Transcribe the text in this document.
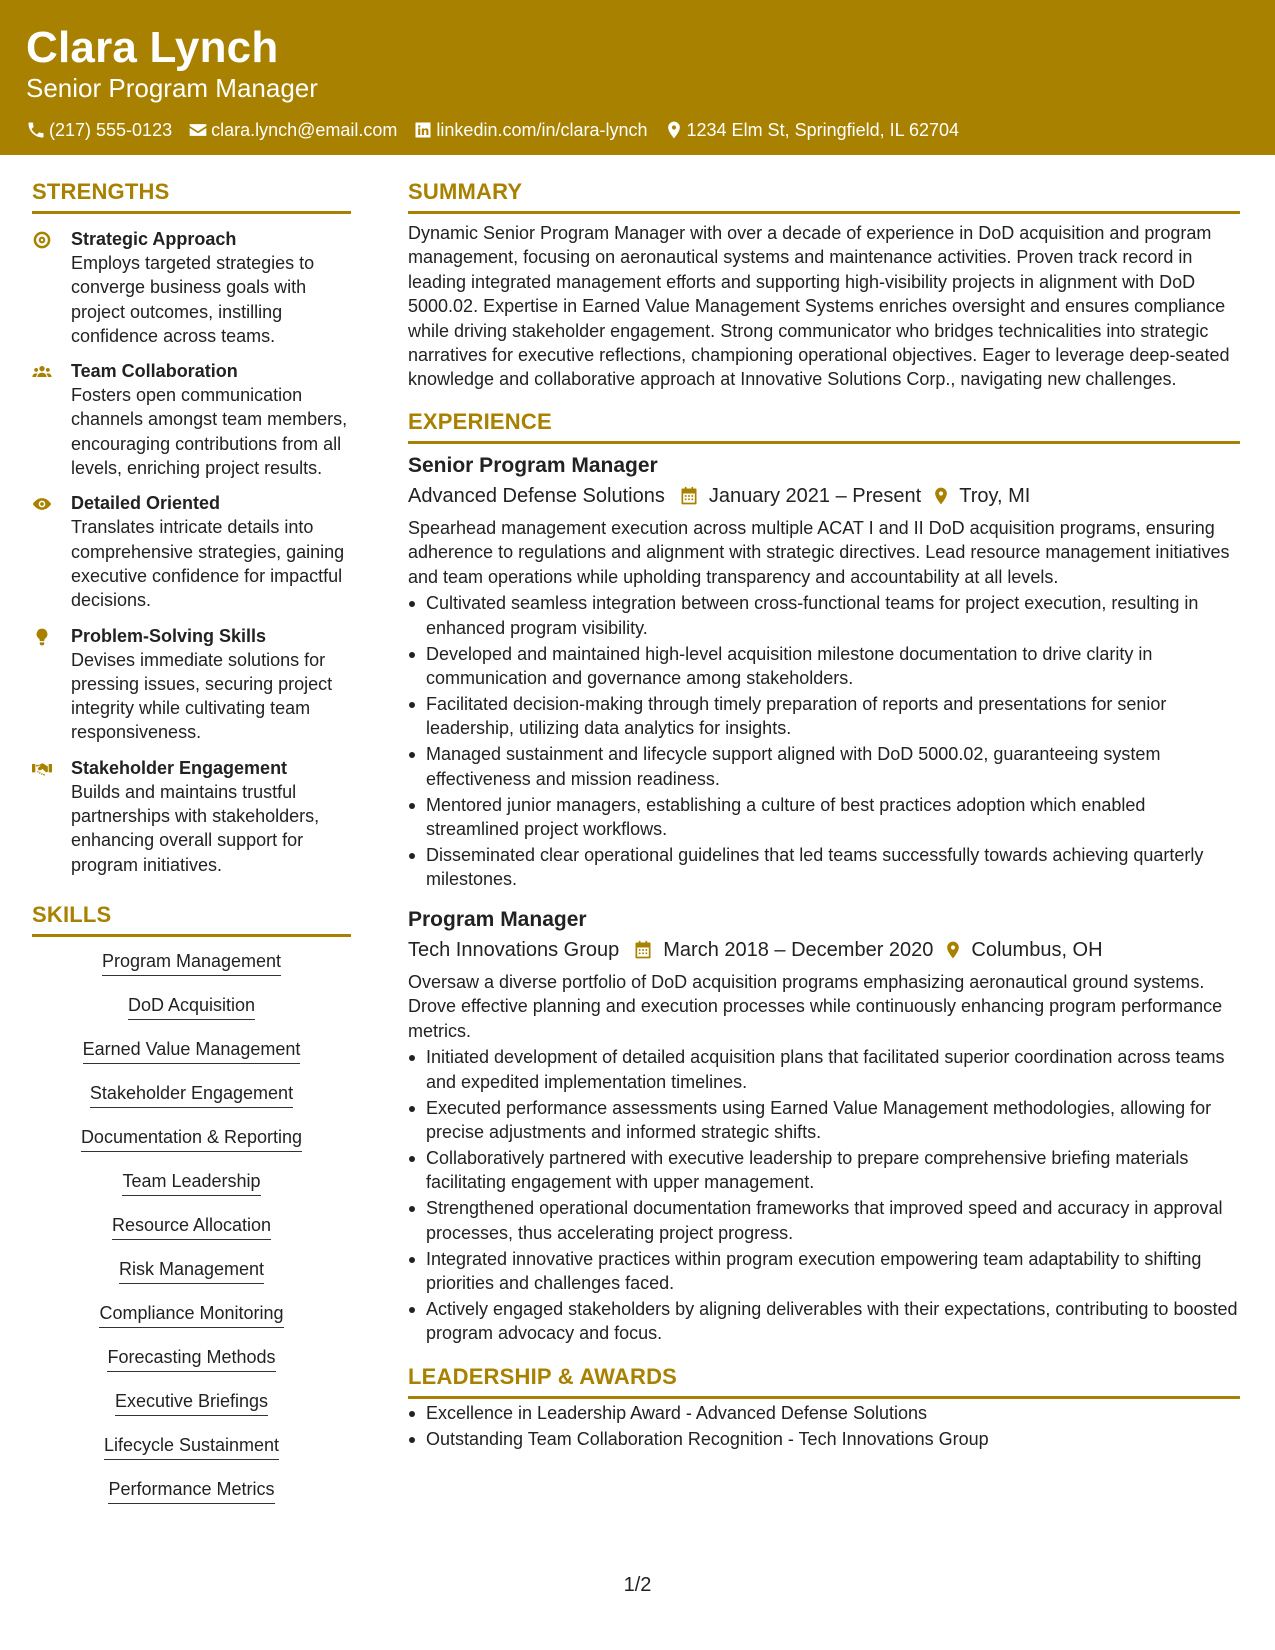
Clara Lynch
Senior Program Manager
(217) 555-0123 clara.lynch@email.com linkedin.com/in/clara-lynch 1234 Elm St, Springfield, IL 62704
STRENGTHS
Strategic Approach
Employs targeted strategies to converge business goals with project outcomes, instilling confidence across teams.
Team Collaboration
Fosters open communication channels amongst team members, encouraging contributions from all levels, enriching project results.
Detailed Oriented
Translates intricate details into comprehensive strategies, gaining executive confidence for impactful decisions.
Problem-Solving Skills
Devises immediate solutions for pressing issues, securing project integrity while cultivating team responsiveness.
Stakeholder Engagement
Builds and maintains trustful partnerships with stakeholders, enhancing overall support for program initiatives.
SKILLS
Program Management
DoD Acquisition
Earned Value Management
Stakeholder Engagement
Documentation & Reporting
Team Leadership
Resource Allocation
Risk Management
Compliance Monitoring
Forecasting Methods
Executive Briefings
Lifecycle Sustainment
Performance Metrics
SUMMARY
Dynamic Senior Program Manager with over a decade of experience in DoD acquisition and program management, focusing on aeronautical systems and maintenance activities. Proven track record in leading integrated management efforts and supporting high-visibility projects in alignment with DoD 5000.02. Expertise in Earned Value Management Systems enriches oversight and ensures compliance while driving stakeholder engagement. Strong communicator who bridges technicalities into strategic narratives for executive reflections, championing operational objectives. Eager to leverage deep-seated knowledge and collaborative approach at Innovative Solutions Corp., navigating new challenges.
EXPERIENCE
Senior Program Manager
Advanced Defense Solutions January 2021 – Present Troy, MI
Spearhead management execution across multiple ACAT I and II DoD acquisition programs, ensuring adherence to regulations and alignment with strategic directives. Lead resource management initiatives and team operations while upholding transparency and accountability at all levels.
Cultivated seamless integration between cross-functional teams for project execution, resulting in enhanced program visibility.
Developed and maintained high-level acquisition milestone documentation to drive clarity in communication and governance among stakeholders.
Facilitated decision-making through timely preparation of reports and presentations for senior leadership, utilizing data analytics for insights.
Managed sustainment and lifecycle support aligned with DoD 5000.02, guaranteeing system effectiveness and mission readiness.
Mentored junior managers, establishing a culture of best practices adoption which enabled streamlined project workflows.
Disseminated clear operational guidelines that led teams successfully towards achieving quarterly milestones.
Program Manager
Tech Innovations Group March 2018 – December 2020 Columbus, OH
Oversaw a diverse portfolio of DoD acquisition programs emphasizing aeronautical ground systems. Drove effective planning and execution processes while continuously enhancing program performance metrics.
Initiated development of detailed acquisition plans that facilitated superior coordination across teams and expedited implementation timelines.
Executed performance assessments using Earned Value Management methodologies, allowing for precise adjustments and informed strategic shifts.
Collaboratively partnered with executive leadership to prepare comprehensive briefing materials facilitating engagement with upper management.
Strengthened operational documentation frameworks that improved speed and accuracy in approval processes, thus accelerating project progress.
Integrated innovative practices within program execution empowering team adaptability to shifting priorities and challenges faced.
Actively engaged stakeholders by aligning deliverables with their expectations, contributing to boosted program advocacy and focus.
LEADERSHIP & AWARDS
Excellence in Leadership Award - Advanced Defense Solutions
Outstanding Team Collaboration Recognition - Tech Innovations Group
1/2
